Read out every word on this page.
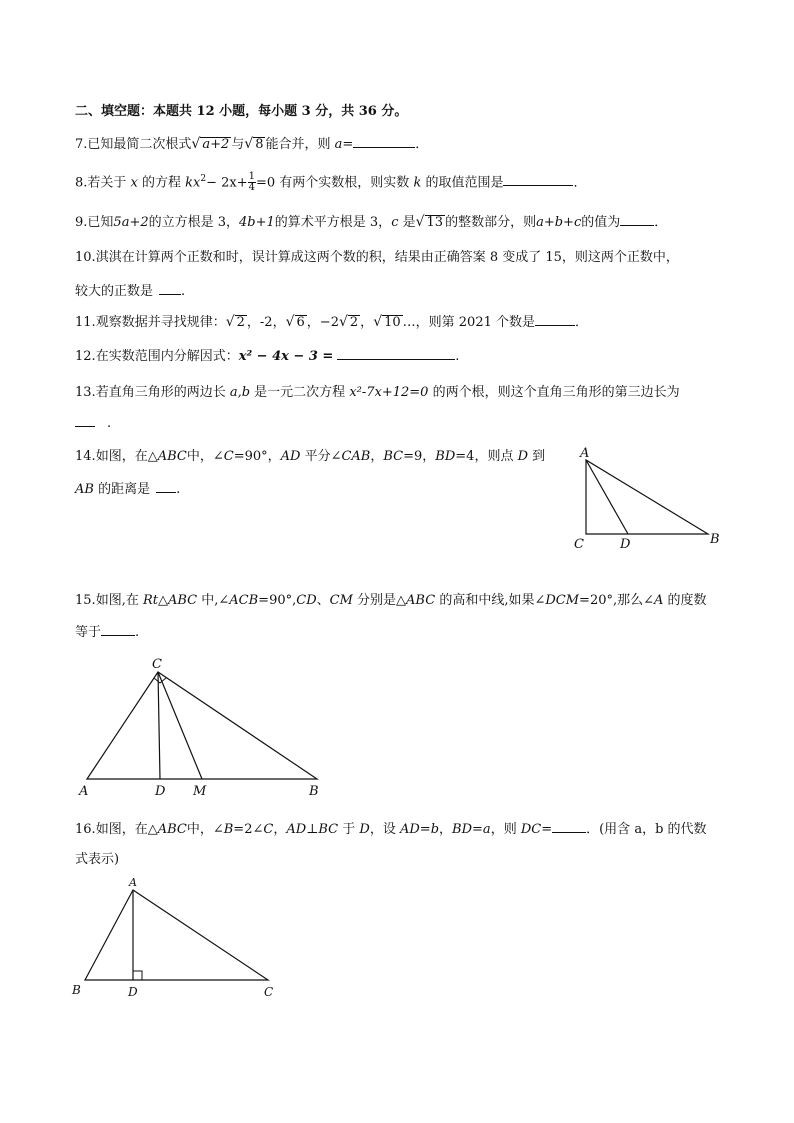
二、填空题：本题共 12 小题，每小题 3 分，共 36 分。
7.已知最简二次根式√ a+2 与√ 8 能合并，则 a=	．
8.若关于 x 的方程 $kx^2- 2x+ \frac{1}{4} =0$ 有两个实数根，则实数 k 的取值范围是	．
9.已知5a+2的立方根是 3，4b+1的算术平方根是 3，c 是√ 13 的整数部分，则a+b+c的值为	．
10.淇淇在计算两个正数和时，误计算成这两个数的积，结果由正确答案 8 变成了 15，则这两个正数中，
较大的正数是 .
11.观察数据并寻找规律：√ 2 ，-2，√ 6 ，−2√ 2 ，√ 10 …，则第 2021 个数是	．
12.在实数范围内分解因式：x² − 4x − 3 =	.
13.若直角三角形的两边长 a,b 是一元二次方程 x²-7x+12=0 的两个根，则这个直角三角形的第三边长为
.
14.如图，在△ABC中，∠C=90°，AD 平分∠CAB，BC=9，BD=4，则点 D 到
AB 的距离是 .
A
C	D	B
15.如图,在 Rt△ABC 中,∠ACB=90°,CD、CM 分别是△ABC 的高和中线,如果∠DCM=20°,那么∠A 的度数
等于	.
C
A	D M	B
16.如图，在△ABC中，∠B=2∠C，AD⊥BC 于 D，设 AD=b，BD=a，则 DC=	．(用含 a，b 的代数
式表示)
A
B	D	C
